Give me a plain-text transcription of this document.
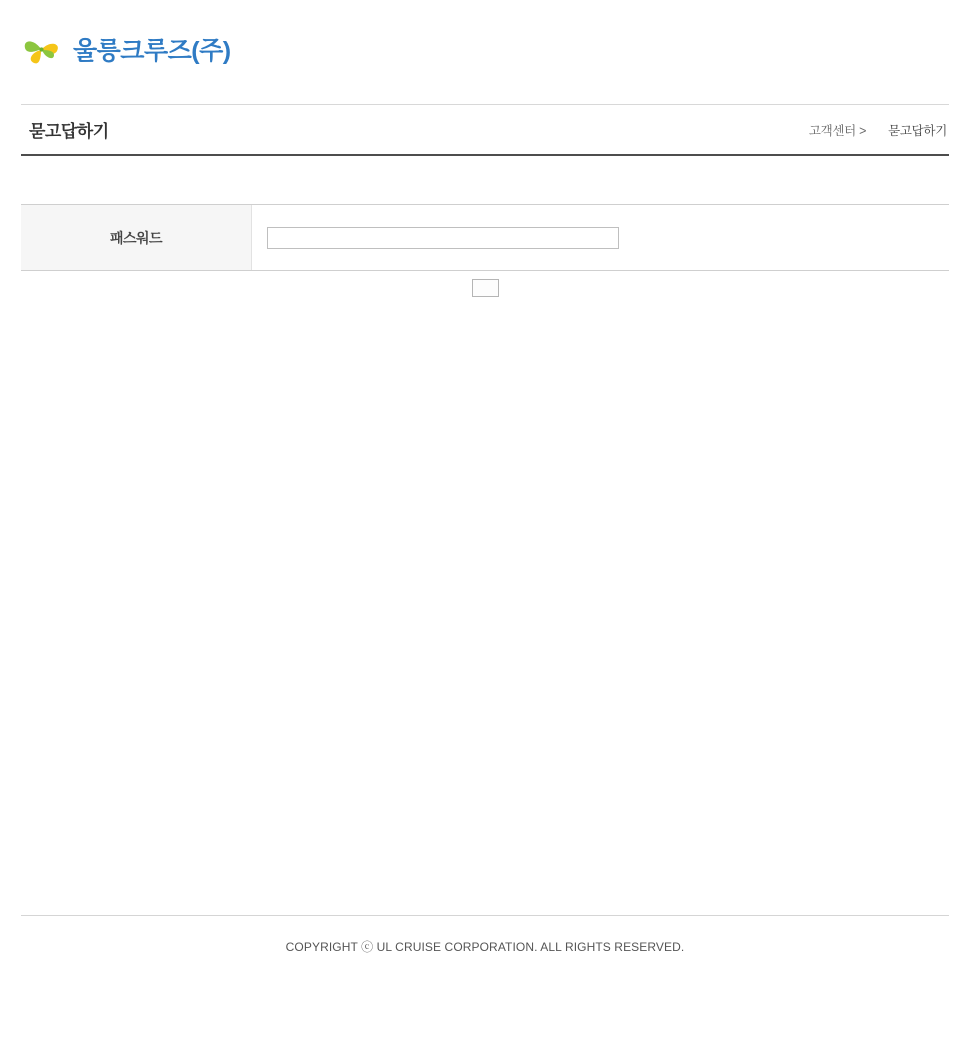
울릉크루즈(주)
묻고답하기	고객센터 > 묻고답하기
패스워드
COPYRIGHT ⓒ UL CRUISE CORPORATION. ALL RIGHTS RESERVED.
